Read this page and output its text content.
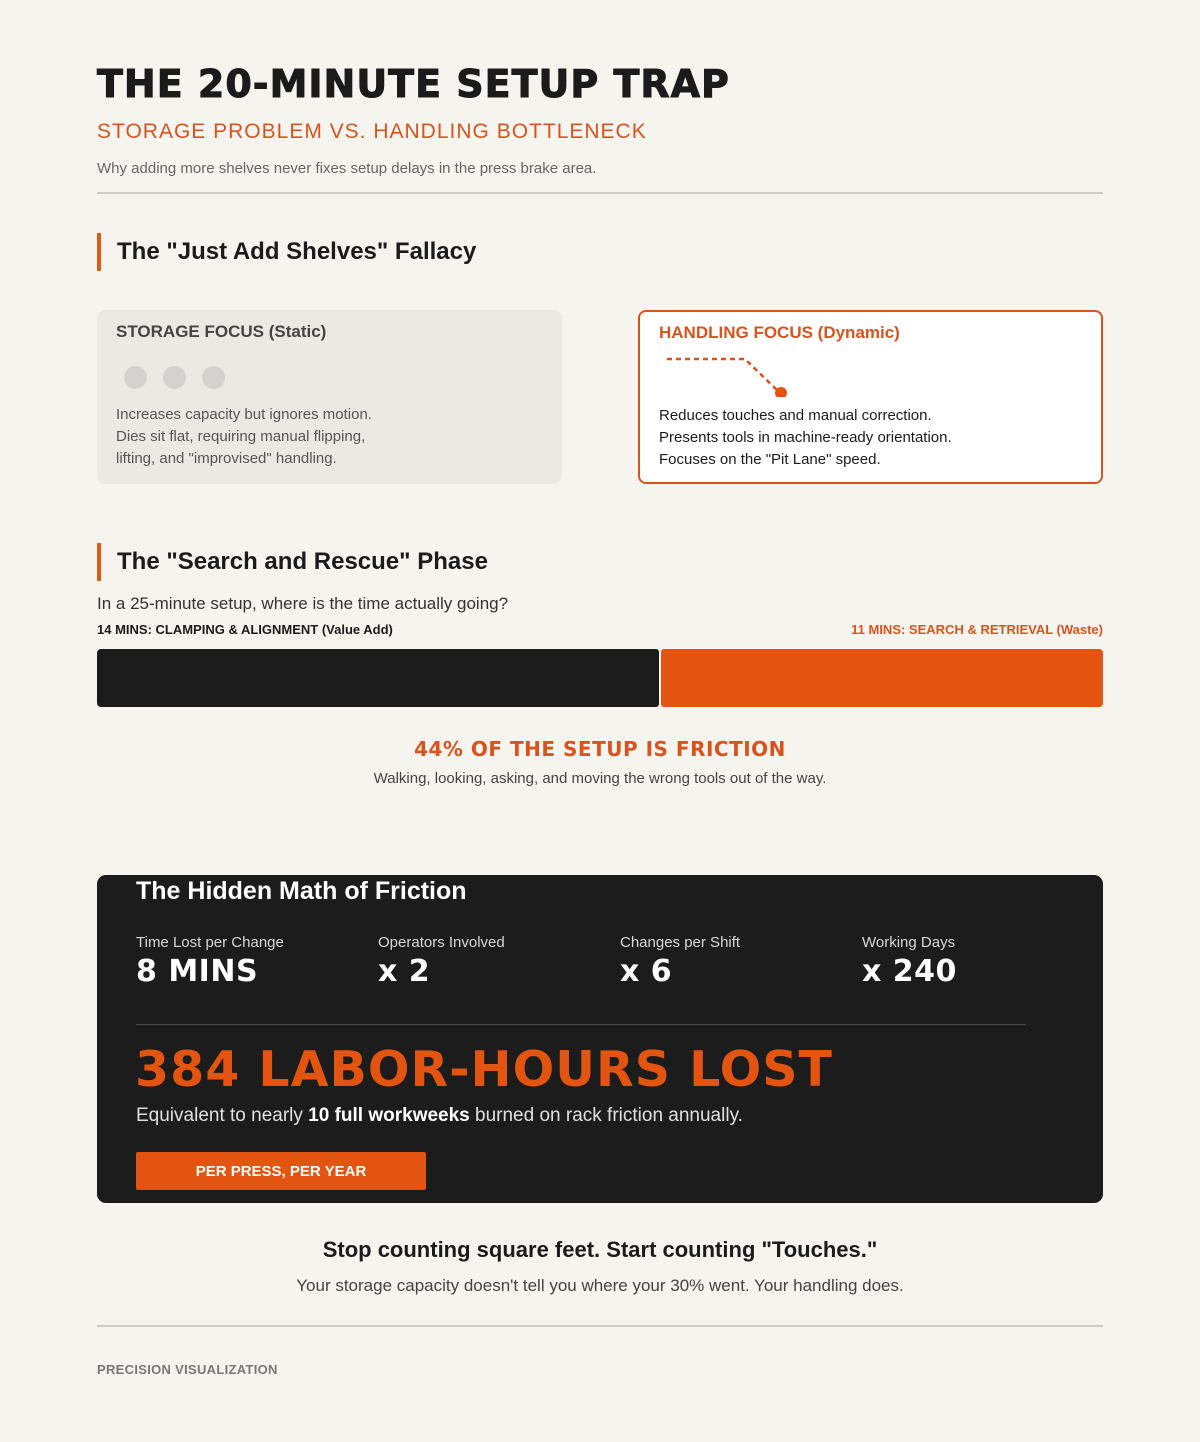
THE 20-MINUTE SETUP TRAP
STORAGE PROBLEM VS. HANDLING BOTTLENECK
Why adding more shelves never fixes setup delays in the press brake area.
The "Just Add Shelves" Fallacy
STORAGE FOCUS (Static)
Increases capacity but ignores motion.
Dies sit flat, requiring manual flipping,
lifting, and "improvised" handling.
HANDLING FOCUS (Dynamic)
Reduces touches and manual correction.
Presents tools in machine-ready orientation.
Focuses on the "Pit Lane" speed.
The "Search and Rescue" Phase
In a 25-minute setup, where is the time actually going?
14 MINS: CLAMPING & ALIGNMENT (Value Add)	11 MINS: SEARCH & RETRIEVAL (Waste)
44% OF THE SETUP IS FRICTION
Walking, looking, asking, and moving the wrong tools out of the way.
The Hidden Math of Friction
Time Lost per Change
8 MINS
Operators Involved
x 2
Changes per Shift
x 6
Working Days
x 240
384 LABOR-HOURS LOST
Equivalent to nearly 10 full workweeks burned on rack friction annually.
PER PRESS, PER YEAR
Stop counting square feet. Start counting "Touches."
Your storage capacity doesn't tell you where your 30% went. Your handling does.
PRECISION VISUALIZATION
